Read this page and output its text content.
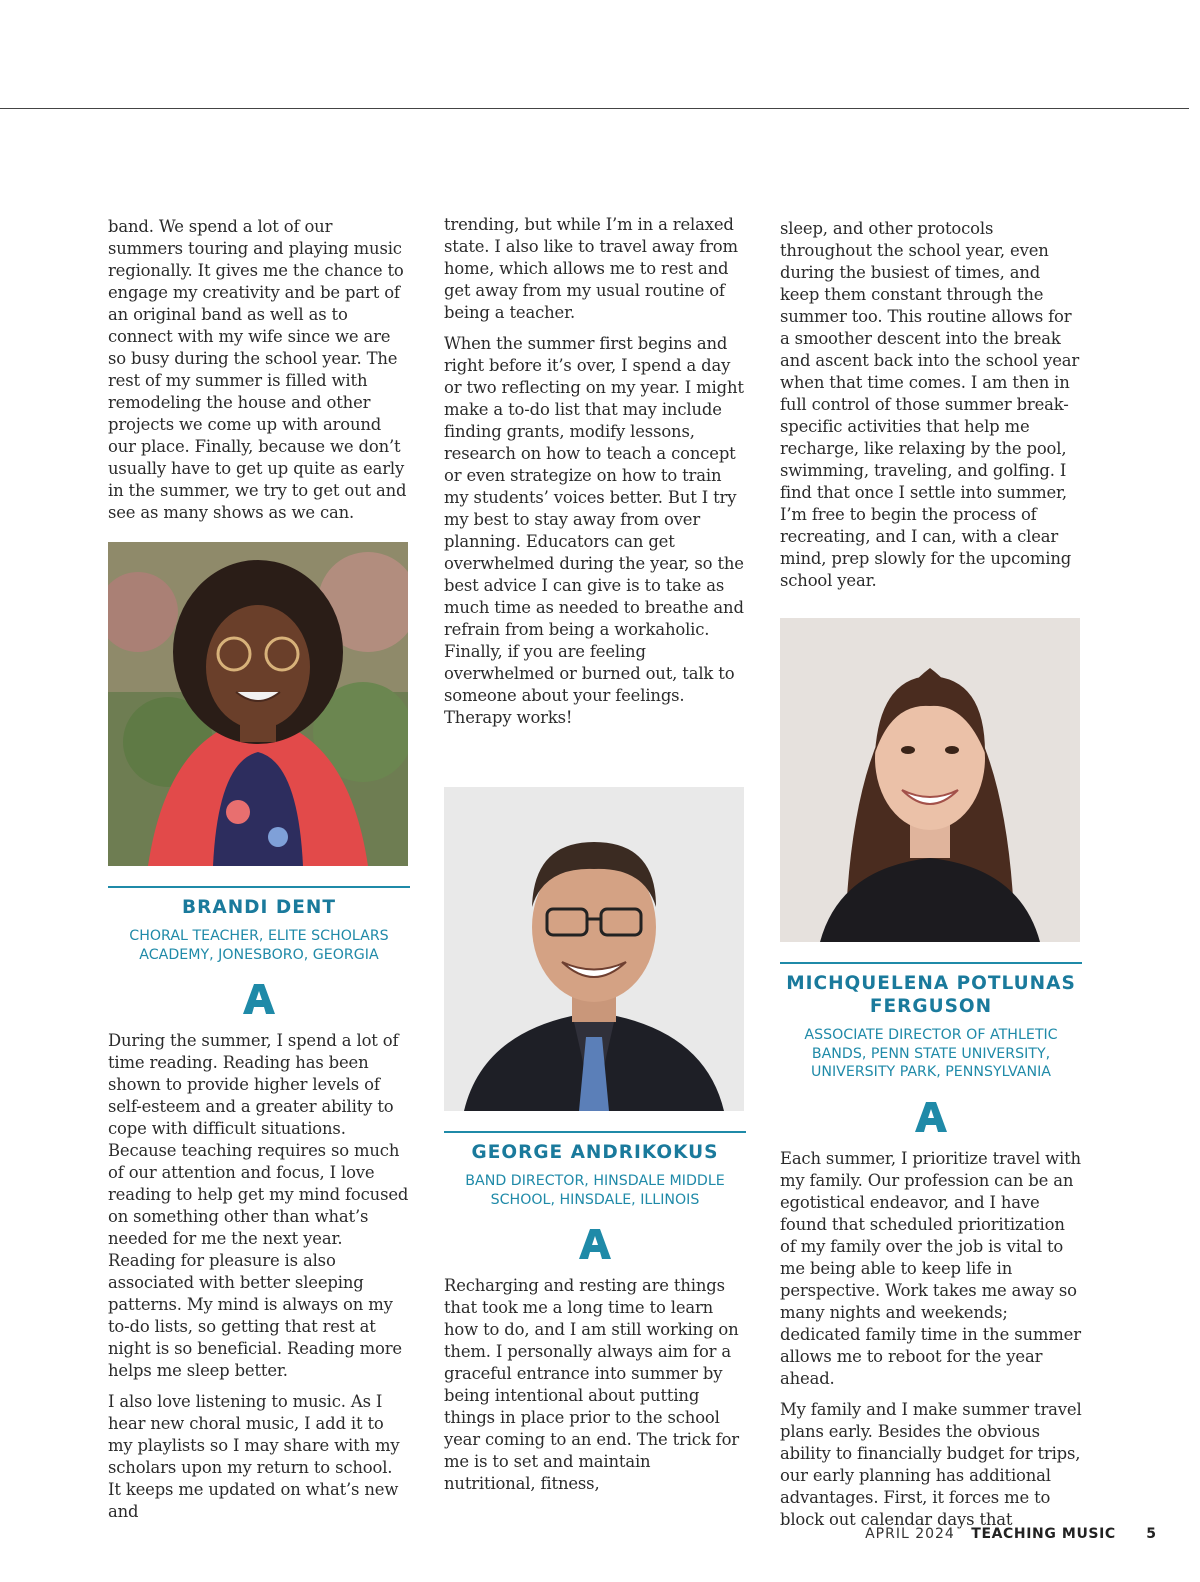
band. We spend a lot of our summers touring and playing music regionally. It gives me the chance to engage my creativity and be part of an original band as well as to connect with my wife since we are so busy during the school year. The rest of my summer is filled with remodeling the house and other projects we come up with around our place. Finally, because we don’t usually have to get up quite as early in the summer, we try to get out and see as many shows as we can.

BRANDI DENT
CHORAL TEACHER, ELITE SCHOLARS ACADEMY, JONESBORO, GEORGIA

During the summer, I spend a lot of time reading. Reading has been shown to provide higher levels of self-esteem and a greater ability to cope with difficult situations. Because teaching requires so much of our attention and focus, I love reading to help get my mind focused on something other than what’s needed for me the next year. Reading for pleasure is also associated with better sleeping patterns. My mind is always on my to-do lists, so getting that rest at night is so beneficial. Reading more helps me sleep better.

I also love listening to music. As I hear new choral music, I add it to my playlists so I may share with my scholars upon my return to school. It keeps me updated on what’s new and

trending, but while I’m in a relaxed state. I also like to travel away from home, which allows me to rest and get away from my usual routine of being a teacher.

When the summer first begins and right before it’s over, I spend a day or two reflecting on my year. I might make a to-do list that may include finding grants, modify lessons, research on how to teach a concept or even strategize on how to train my students’ voices better. But I try my best to stay away from over planning. Educators can get overwhelmed during the year, so the best advice I can give is to take as much time as needed to breathe and refrain from being a workaholic. Finally, if you are feeling overwhelmed or burned out, talk to someone about your feelings. Therapy works!

GEORGE ANDRIKOKUS
BAND DIRECTOR, HINSDALE MIDDLE SCHOOL, HINSDALE, ILLINOIS

Recharging and resting are things that took me a long time to learn how to do, and I am still working on them. I personally always aim for a graceful entrance into summer by being intentional about putting things in place prior to the school year coming to an end. The trick for me is to set and maintain nutritional, fitness,

sleep, and other protocols throughout the school year, even during the busiest of times, and keep them constant through the summer too. This routine allows for a smoother descent into the break and ascent back into the school year when that time comes. I am then in full control of those summer break-specific activities that help me recharge, like relaxing by the pool, swimming, traveling, and golfing. I find that once I settle into summer, I’m free to begin the process of recreating, and I can, with a clear mind, prep slowly for the upcoming school year.

MICHQUELENA POTLUNAS FERGUSON
ASSOCIATE DIRECTOR OF ATHLETIC BANDS, PENN STATE UNIVERSITY, UNIVERSITY PARK, PENNSYLVANIA

Each summer, I prioritize travel with my family. Our profession can be an egotistical endeavor, and I have found that scheduled prioritization of my family over the job is vital to me being able to keep life in perspective. Work takes me away so many nights and weekends; dedicated family time in the summer allows me to reboot for the year ahead.

My family and I make summer travel plans early. Besides the obvious ability to financially budget for trips, our early planning has additional advantages. First, it forces me to block out calendar days that

APRIL 2024 TEACHING MUSIC 5
